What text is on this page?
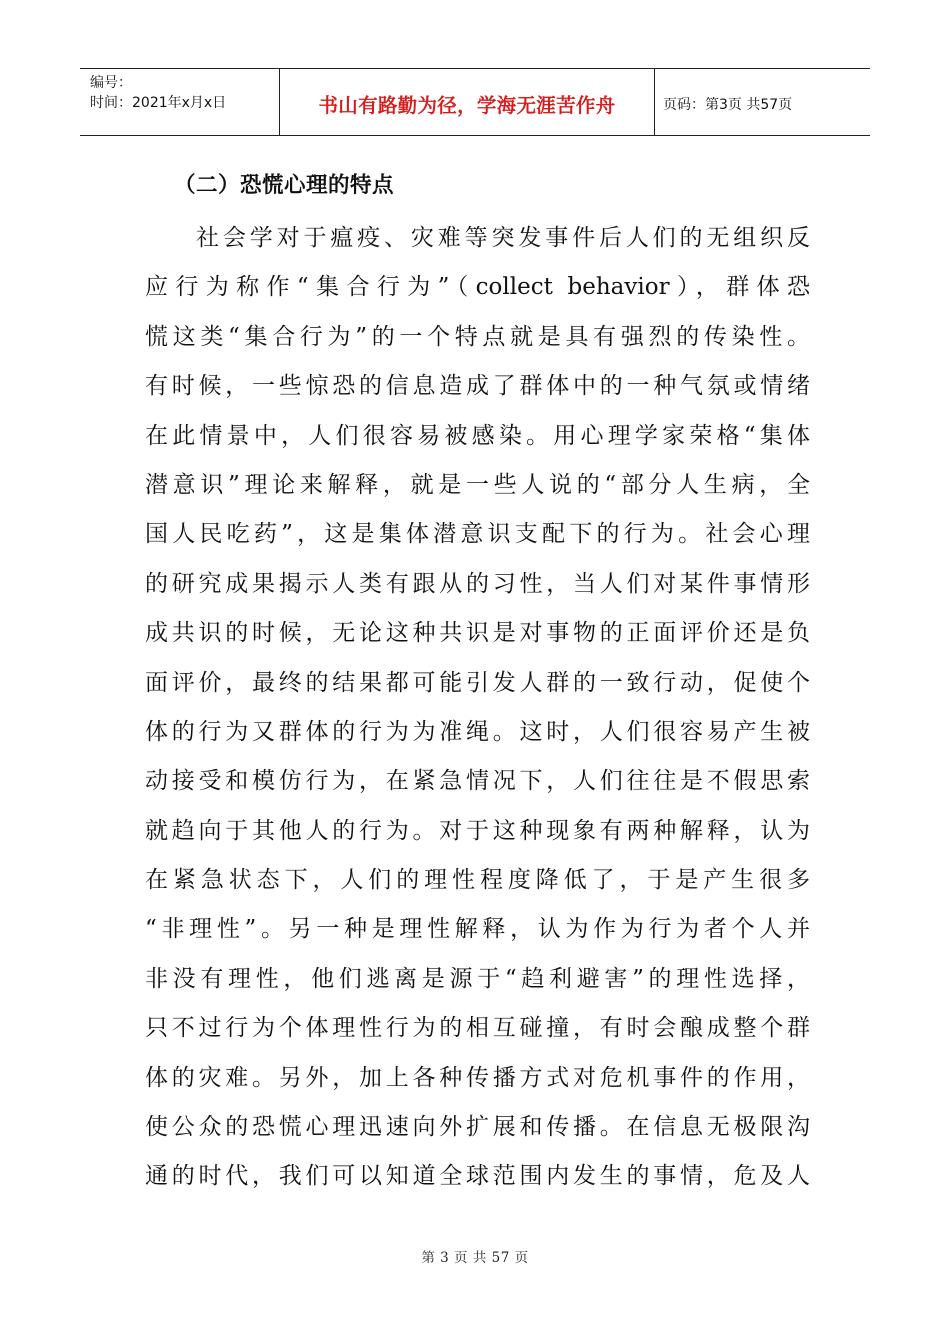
编号：
时间：2021年x月x日	书山有路勤为径，学海无涯苦作舟	页码：第3页 共57页
（二）恐慌心理的特点
社会学对于瘟疫、灾难等突发事件后人们的无组织反
应行为称作“集合行为”（collect behavior），群体恐
慌这类“集合行为”的一个特点就是具有强烈的传染性。
有时候，一些惊恐的信息造成了群体中的一种气氛或情绪
在此情景中，人们很容易被感染。用心理学家荣格“集体
潜意识”理论来解释，就是一些人说的“部分人生病，全
国人民吃药”，这是集体潜意识支配下的行为。社会心理
的研究成果揭示人类有跟从的习性，当人们对某件事情形
成共识的时候，无论这种共识是对事物的正面评价还是负
面评价，最终的结果都可能引发人群的一致行动，促使个
体的行为又群体的行为为准绳。这时，人们很容易产生被
动接受和模仿行为，在紧急情况下，人们往往是不假思索
就趋向于其他人的行为。对于这种现象有两种解释，认为
在紧急状态下，人们的理性程度降低了，于是产生很多
“非理性”。另一种是理性解释，认为作为行为者个人并
非没有理性，他们逃离是源于“趋利避害”的理性选择，
只不过行为个体理性行为的相互碰撞，有时会酿成整个群
体的灾难。另外，加上各种传播方式对危机事件的作用，
使公众的恐慌心理迅速向外扩展和传播。在信息无极限沟
通的时代，我们可以知道全球范围内发生的事情，危及人
第 3 页 共 57 页
